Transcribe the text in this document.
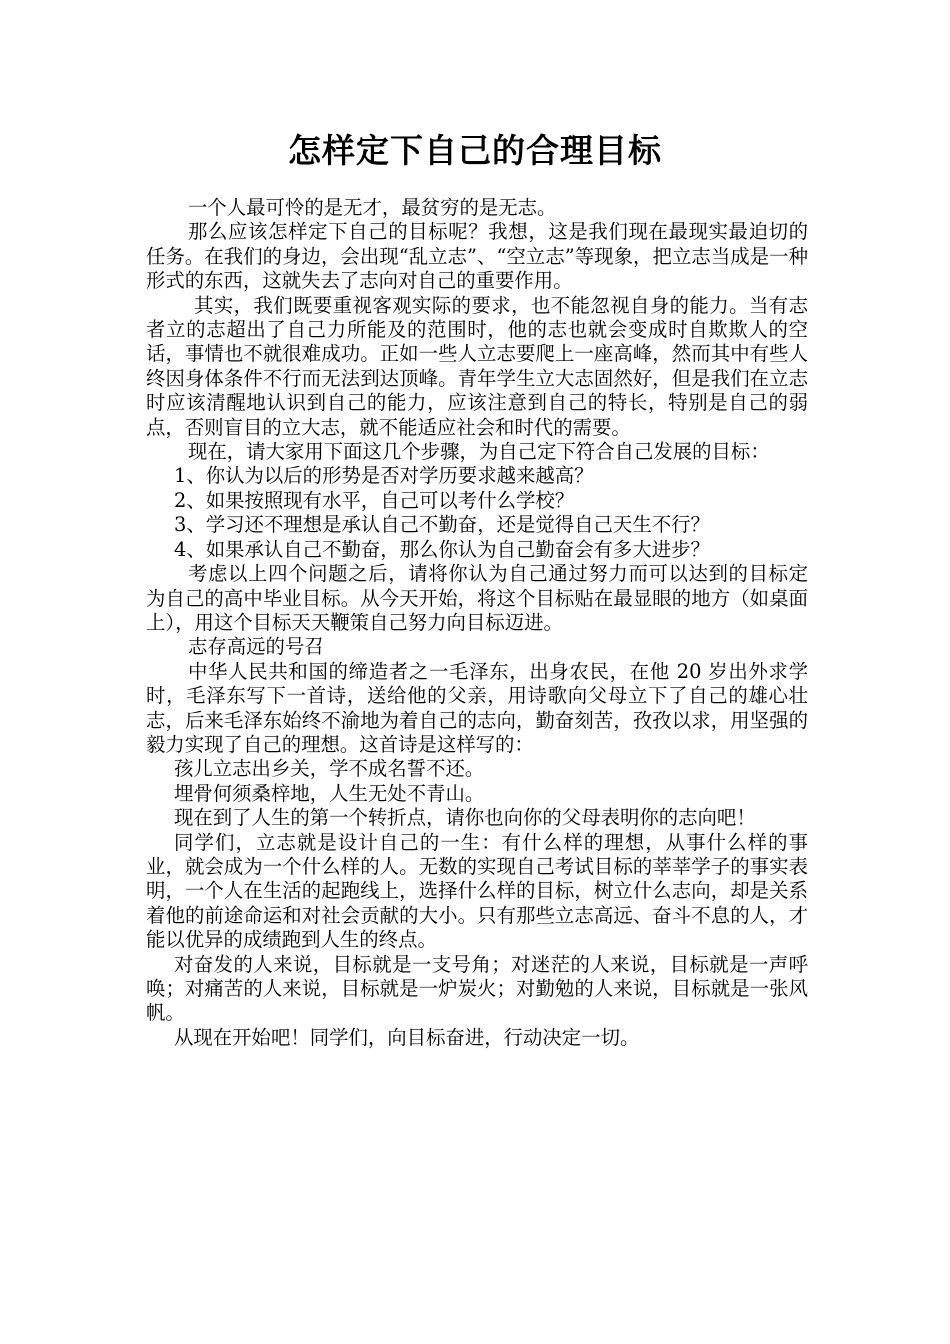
怎样定下自己的合理目标

一个人最可怜的是无才，最贫穷的是无志。

那么应该怎样定下自己的目标呢？我想，这是我们现在最现实最迫切的任务。在我们的身边，会出现“乱立志”、“空立志”等现象，把立志当成是一种形式的东西，这就失去了志向对自己的重要作用。

其实，我们既要重视客观实际的要求，也不能忽视自身的能力。当有志者立的志超出了自己力所能及的范围时，他的志也就会变成时自欺欺人的空话，事情也不就很难成功。正如一些人立志要爬上一座高峰，然而其中有些人终因身体条件不行而无法到达顶峰。青年学生立大志固然好，但是我们在立志时应该清醒地认识到自己的能力，应该注意到自己的特长，特别是自己的弱点，否则盲目的立大志，就不能适应社会和时代的需要。

现在，请大家用下面这几个步骤，为自己定下符合自己发展的目标：

1、你认为以后的形势是否对学历要求越来越高？

2、如果按照现有水平，自己可以考什么学校？

3、学习还不理想是承认自己不勤奋，还是觉得自己天生不行？

4、如果承认自己不勤奋，那么你认为自己勤奋会有多大进步？

考虑以上四个问题之后，请将你认为自己通过努力而可以达到的目标定为自己的高中毕业目标。从今天开始，将这个目标贴在最显眼的地方（如桌面上），用这个目标天天鞭策自己努力向目标迈进。

志存高远的号召

中华人民共和国的缔造者之一毛泽东，出身农民，在他 20 岁出外求学时，毛泽东写下一首诗，送给他的父亲，用诗歌向父母立下了自己的雄心壮志，后来毛泽东始终不渝地为着自己的志向，勤奋刻苦，孜孜以求，用坚强的毅力实现了自己的理想。这首诗是这样写的：

孩儿立志出乡关，学不成名誓不还。

埋骨何须桑梓地，人生无处不青山。

现在到了人生的第一个转折点，请你也向你的父母表明你的志向吧！

同学们，立志就是设计自己的一生：有什么样的理想，从事什么样的事业，就会成为一个什么样的人。无数的实现自己考试目标的莘莘学子的事实表明，一个人在生活的起跑线上，选择什么样的目标，树立什么志向，却是关系着他的前途命运和对社会贡献的大小。只有那些立志高远、奋斗不息的人，才能以优异的成绩跑到人生的终点。

对奋发的人来说，目标就是一支号角；对迷茫的人来说，目标就是一声呼唤；对痛苦的人来说，目标就是一炉炭火；对勤勉的人来说，目标就是一张风帆。

从现在开始吧！同学们，向目标奋进，行动决定一切。
